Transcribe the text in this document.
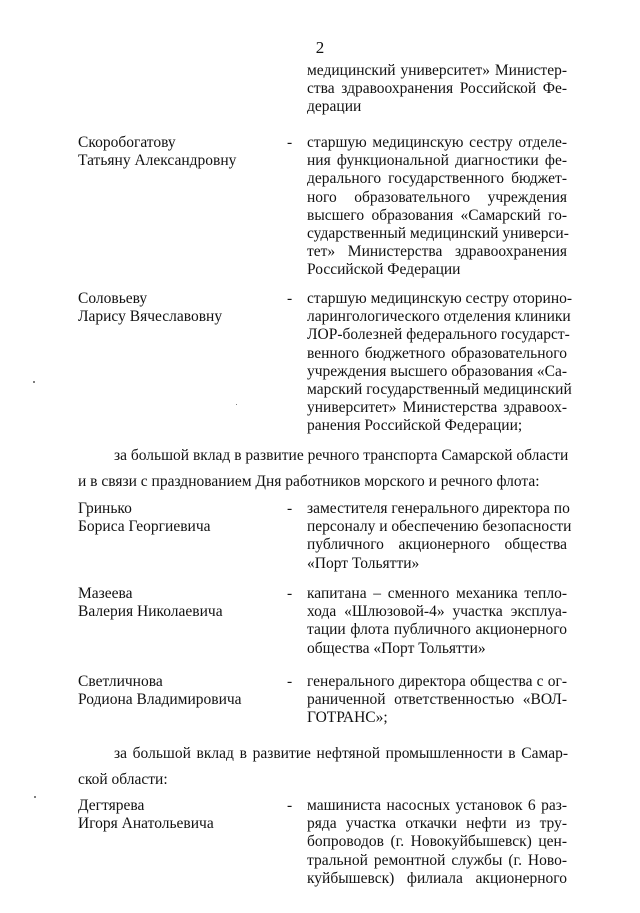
2
медицинский университет» Министер-
ства здравоохранения Российской Фе-
дерации
Скоробогатову
Татьяну Александровну
- старшую медицинскую сестру отделе-
ния функциональной диагностики фе-
дерального государственного бюджет-
ного образовательного учреждения
высшего образования «Самарский го-
сударственный медицинский универси-
тет» Министерства здравоохранения
Российской Федерации
Соловьеву
Ларису Вячеславовну
- старшую медицинскую сестру оторино-
ларингологического отделения клиники
ЛОР-болезней федерального государст-
венного бюджетного образовательного
учреждения высшего образования «Са-
марский государственный медицинский
университет» Министерства здравоох-
ранения Российской Федерации;
за большой вклад в развитие речного транспорта Самарской области
и в связи с празднованием Дня работников морского и речного флота:
Гринько
Бориса Георгиевича
- заместителя генерального директора по
персоналу и обеспечению безопасности
публичного акционерного общества
«Порт Тольятти»
Мазеева
Валерия Николаевича
- капитана – сменного механика тепло-
хода «Шлюзовой-4» участка эксплуа-
тации флота публичного акционерного
общества «Порт Тольятти»
Светличнова
Родиона Владимировича
- генерального директора общества с ог-
раниченной ответственностью «ВОЛ-
ГОТРАНС»;
за большой вклад в развитие нефтяной промышленности в Самар-
ской области:
Дегтярева
Игоря Анатольевича
- машиниста насосных установок 6 раз-
ряда участка откачки нефти из тру-
бопроводов (г. Новокуйбышевск) цен-
тральной ремонтной службы (г. Ново-
куйбышевск) филиала акционерного
